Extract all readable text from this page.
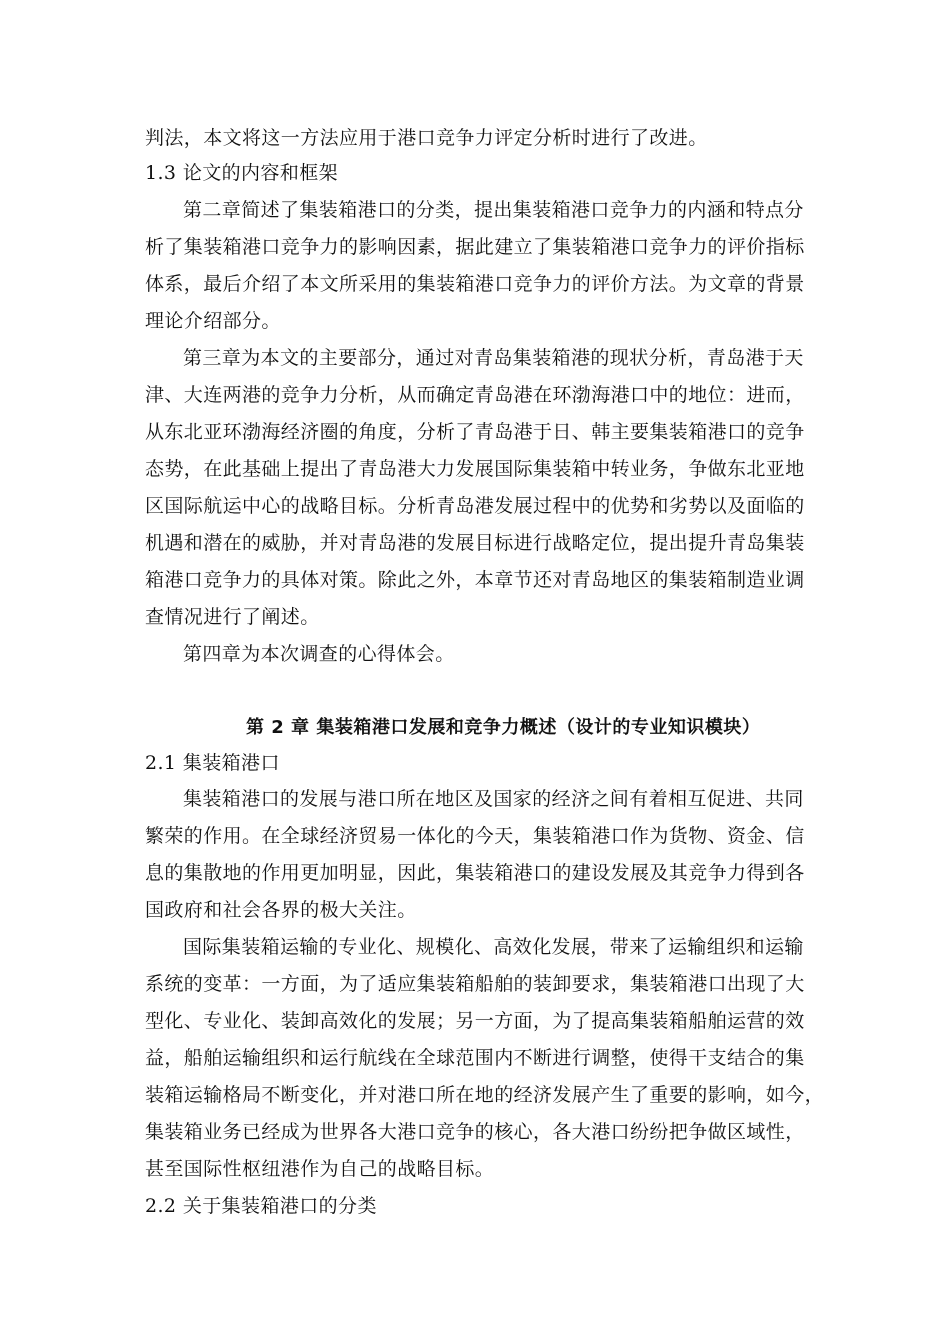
判法，本文将这一方法应用于港口竞争力评定分析时进行了改进。
1.3 论文的内容和框架
第二章简述了集装箱港口的分类，提出集装箱港口竞争力的内涵和特点分
析了集装箱港口竞争力的影响因素，据此建立了集装箱港口竞争力的评价指标
体系，最后介绍了本文所采用的集装箱港口竞争力的评价方法。为文章的背景
理论介绍部分。
第三章为本文的主要部分，通过对青岛集装箱港的现状分析，青岛港于天
津、大连两港的竞争力分析，从而确定青岛港在环渤海港口中的地位：进而，
从东北亚环渤海经济圈的角度，分析了青岛港于日、韩主要集装箱港口的竞争
态势，在此基础上提出了青岛港大力发展国际集装箱中转业务，争做东北亚地
区国际航运中心的战略目标。分析青岛港发展过程中的优势和劣势以及面临的
机遇和潜在的威胁，并对青岛港的发展目标进行战略定位，提出提升青岛集装
箱港口竞争力的具体对策。除此之外，本章节还对青岛地区的集装箱制造业调
查情况进行了阐述。
第四章为本次调查的心得体会。
第 2 章 集装箱港口发展和竞争力概述（设计的专业知识模块）
2.1 集装箱港口
集装箱港口的发展与港口所在地区及国家的经济之间有着相互促进、共同
繁荣的作用。在全球经济贸易一体化的今天，集装箱港口作为货物、资金、信
息的集散地的作用更加明显，因此，集装箱港口的建设发展及其竞争力得到各
国政府和社会各界的极大关注。
国际集装箱运输的专业化、规模化、高效化发展，带来了运输组织和运输
系统的变革：一方面，为了适应集装箱船舶的装卸要求，集装箱港口出现了大
型化、专业化、装卸高效化的发展；另一方面，为了提高集装箱船舶运营的效
益，船舶运输组织和运行航线在全球范围内不断进行调整，使得干支结合的集
装箱运输格局不断变化，并对港口所在地的经济发展产生了重要的影响，如今，
集装箱业务已经成为世界各大港口竞争的核心，各大港口纷纷把争做区域性，
甚至国际性枢纽港作为自己的战略目标。
2.2 关于集装箱港口的分类
